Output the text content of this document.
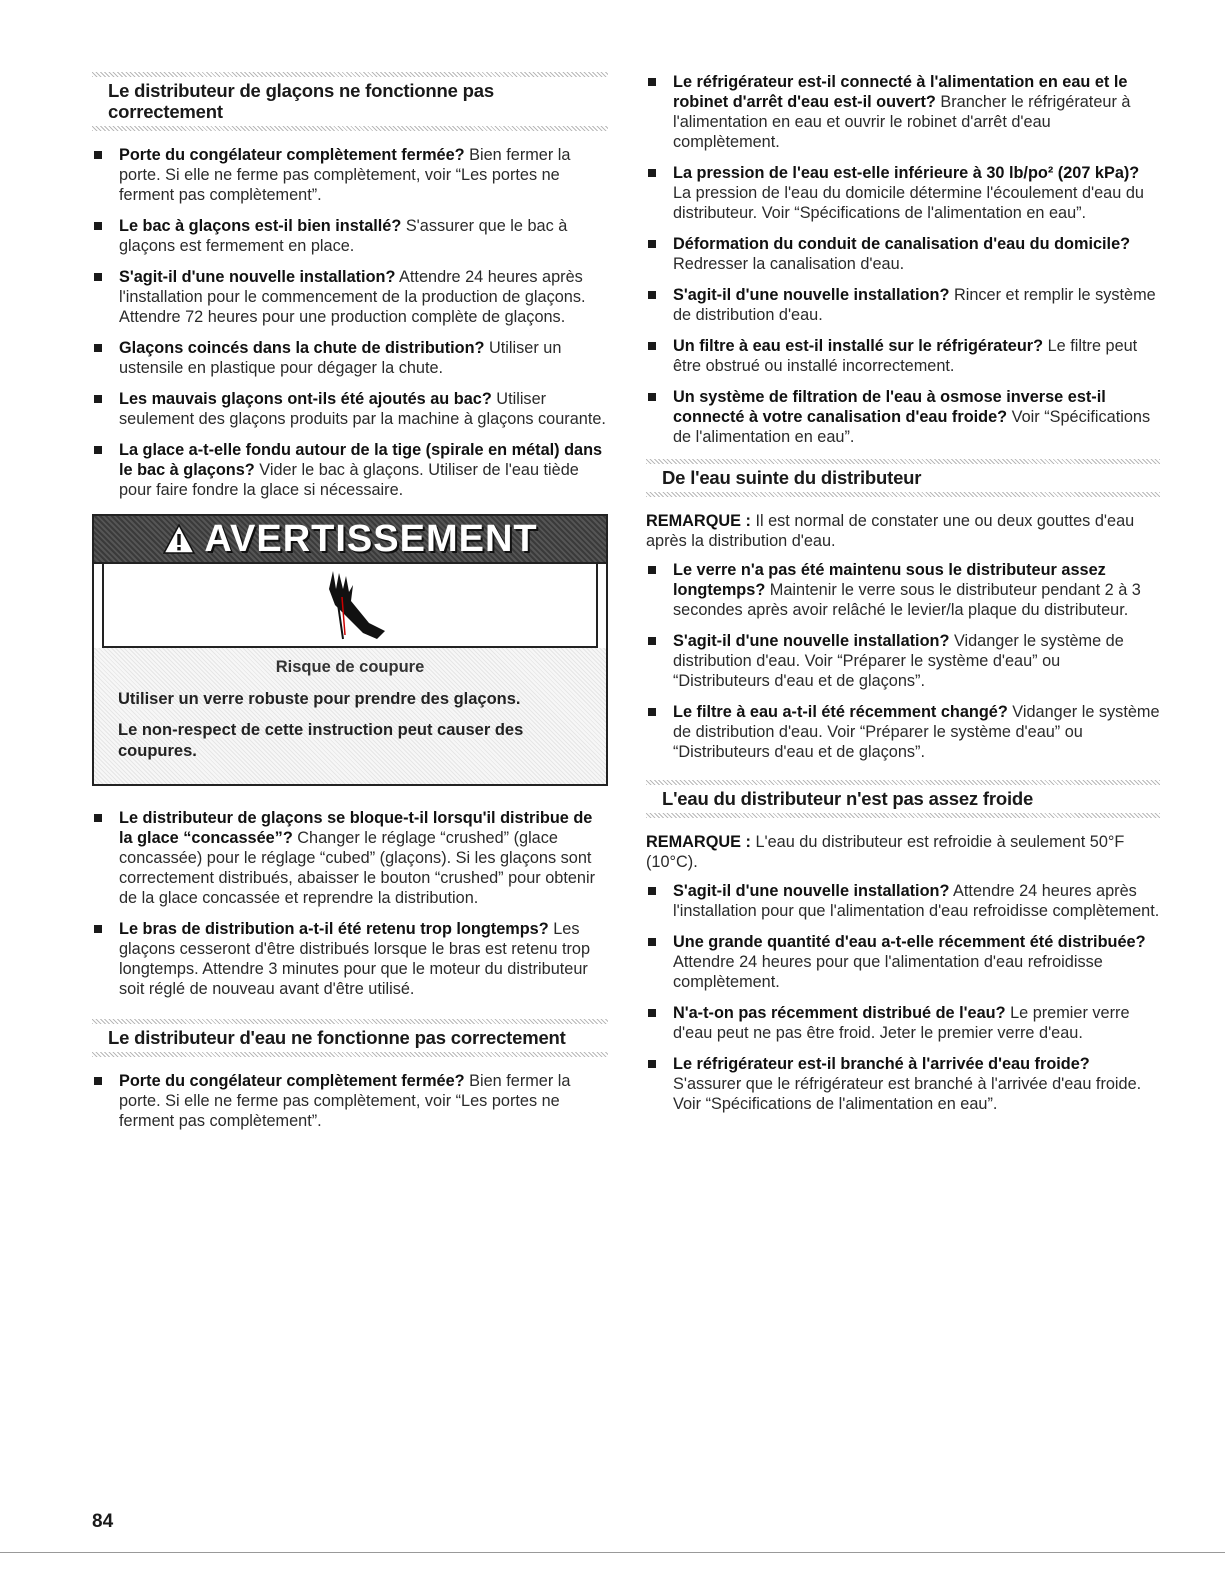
Le distributeur de glaçons ne fonctionne pas correctement
Porte du congélateur complètement fermée? Bien fermer la porte. Si elle ne ferme pas complètement, voir “Les portes ne ferment pas complètement”.
Le bac à glaçons est-il bien installé? S'assurer que le bac à glaçons est fermement en place.
S'agit-il d'une nouvelle installation? Attendre 24 heures après l'installation pour le commencement de la production de glaçons. Attendre 72 heures pour une production complète de glaçons.
Glaçons coincés dans la chute de distribution? Utiliser un ustensile en plastique pour dégager la chute.
Les mauvais glaçons ont-ils été ajoutés au bac? Utiliser seulement des glaçons produits par la machine à glaçons courante.
La glace a-t-elle fondu autour de la tige (spirale en métal) dans le bac à glaçons? Vider le bac à glaçons. Utiliser de l'eau tiède pour faire fondre la glace si nécessaire.
AVERTISSEMENT
Risque de coupure
Utiliser un verre robuste pour prendre des glaçons.
Le non-respect de cette instruction peut causer des coupures.
Le distributeur de glaçons se bloque-t-il lorsqu'il distribue de la glace “concassée”? Changer le réglage “crushed” (glace concassée) pour le réglage “cubed” (glaçons). Si les glaçons sont correctement distribués, abaisser le bouton “crushed” pour obtenir de la glace concassée et reprendre la distribution.
Le bras de distribution a-t-il été retenu trop longtemps? Les glaçons cesseront d'être distribués lorsque le bras est retenu trop longtemps. Attendre 3 minutes pour que le moteur du distributeur soit réglé de nouveau avant d'être utilisé.
Le distributeur d'eau ne fonctionne pas correctement
Porte du congélateur complètement fermée? Bien fermer la porte. Si elle ne ferme pas complètement, voir “Les portes ne ferment pas complètement”.
Le réfrigérateur est-il connecté à l'alimentation en eau et le robinet d'arrêt d'eau est-il ouvert? Brancher le réfrigérateur à l'alimentation en eau et ouvrir le robinet d'arrêt d'eau complètement.
La pression de l'eau est-elle inférieure à 30 lb/po² (207 kPa)? La pression de l'eau du domicile détermine l'écoulement d'eau du distributeur. Voir “Spécifications de l'alimentation en eau”.
Déformation du conduit de canalisation d'eau du domicile? Redresser la canalisation d'eau.
S'agit-il d'une nouvelle installation? Rincer et remplir le système de distribution d'eau.
Un filtre à eau est-il installé sur le réfrigérateur? Le filtre peut être obstrué ou installé incorrectement.
Un système de filtration de l'eau à osmose inverse est-il connecté à votre canalisation d'eau froide? Voir “Spécifications de l'alimentation en eau”.
De l'eau suinte du distributeur

REMARQUE : Il est normal de constater une ou deux gouttes d'eau après la distribution d'eau.

Le verre n'a pas été maintenu sous le distributeur assez longtemps? Maintenir le verre sous le distributeur pendant 2 à 3 secondes après avoir relâché le levier/la plaque du distributeur.
S'agit-il d'une nouvelle installation? Vidanger le système de distribution d'eau. Voir “Préparer le système d'eau” ou “Distributeurs d'eau et de glaçons”.
Le filtre à eau a-t-il été récemment changé? Vidanger le système de distribution d'eau. Voir “Préparer le système d'eau” ou “Distributeurs d'eau et de glaçons”.
L'eau du distributeur n'est pas assez froide

REMARQUE : L'eau du distributeur est refroidie à seulement 50°F (10°C).

S'agit-il d'une nouvelle installation? Attendre 24 heures après l'installation pour que l'alimentation d'eau refroidisse complètement.
Une grande quantité d'eau a-t-elle récemment été distribuée? Attendre 24 heures pour que l'alimentation d'eau refroidisse complètement.
N'a-t-on pas récemment distribué de l'eau? Le premier verre d'eau peut ne pas être froid. Jeter le premier verre d'eau.
Le réfrigérateur est-il branché à l'arrivée d'eau froide? S'assurer que le réfrigérateur est branché à l'arrivée d'eau froide. Voir “Spécifications de l'alimentation en eau”.
84
